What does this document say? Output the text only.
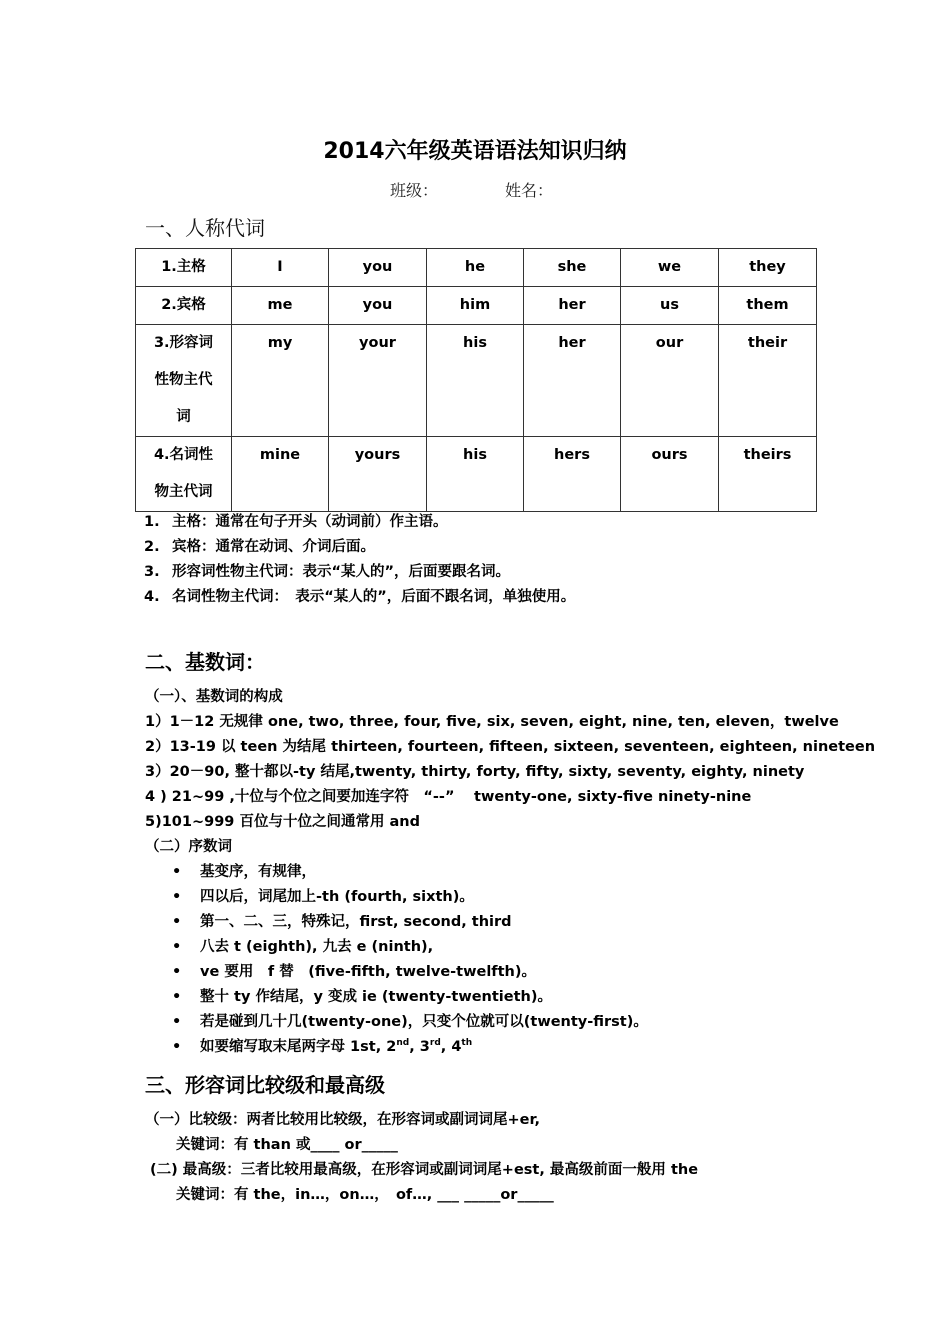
2014六年级英语语法知识归纳
班级：	姓名：
一、人称代词
1.主格	I	you	he	she	we	they
2.宾格	me	you	him	her	us	them

3.形容词
性物主代
词	my	your	his	her	our	their

4.名词性
物主代词	mine	yours	his	hers	ours	theirs
1. 主格：通常在句子开头（动词前）作主语。
2. 宾格：通常在动词、介词后面。
3. 形容词性物主代词：表示“某人的”，后面要跟名词。
4. 名词性物主代词：　表示“某人的”，后面不跟名词，单独使用。
二、基数词：
（一）、基数词的构成
1）1－12 无规律 one, two, three, four, five, six, seven, eight, nine, ten, eleven，twelve
2）13-19 以 teen 为结尾 thirteen, fourteen, fifteen, sixteen, seventeen, eighteen, nineteen
3）20－90, 整十都以-ty 结尾,twenty, thirty, forty, fifty, sixty, seventy, eighty, ninety
4 ) 21~99 ,十位与个位之间要加连字符　“--”　 twenty-one, sixty-five ninety-nine
5)101~999 百位与十位之间通常用 and
（二）序数词
• 基变序，有规律，
• 四以后，词尾加上-th (fourth, sixth)。
• 第一、二、三，特殊记，first, second, third
• 八去 t (eighth), 九去 e (ninth),
• ve 要用　f 替　(five-fifth, twelve-twelfth)。
• 整十 ty 作结尾，y 变成 ie (twenty-twentieth)。
• 若是碰到几十几(twenty-one)，只变个位就可以(twenty-first)。
• 如要缩写取末尾两字母 1st, 2nd, 3rd, 4th
三、形容词比较级和最高级
（一）比较级：两者比较用比较级，在形容词或副词词尾+er,
关键词：有 than 或____ or_____
(二) 最高级：三者比较用最高级，在形容词或副词词尾+est, 最高级前面一般用 the
关键词：有 the，in…，on…，　of…, ___ _____or_____
